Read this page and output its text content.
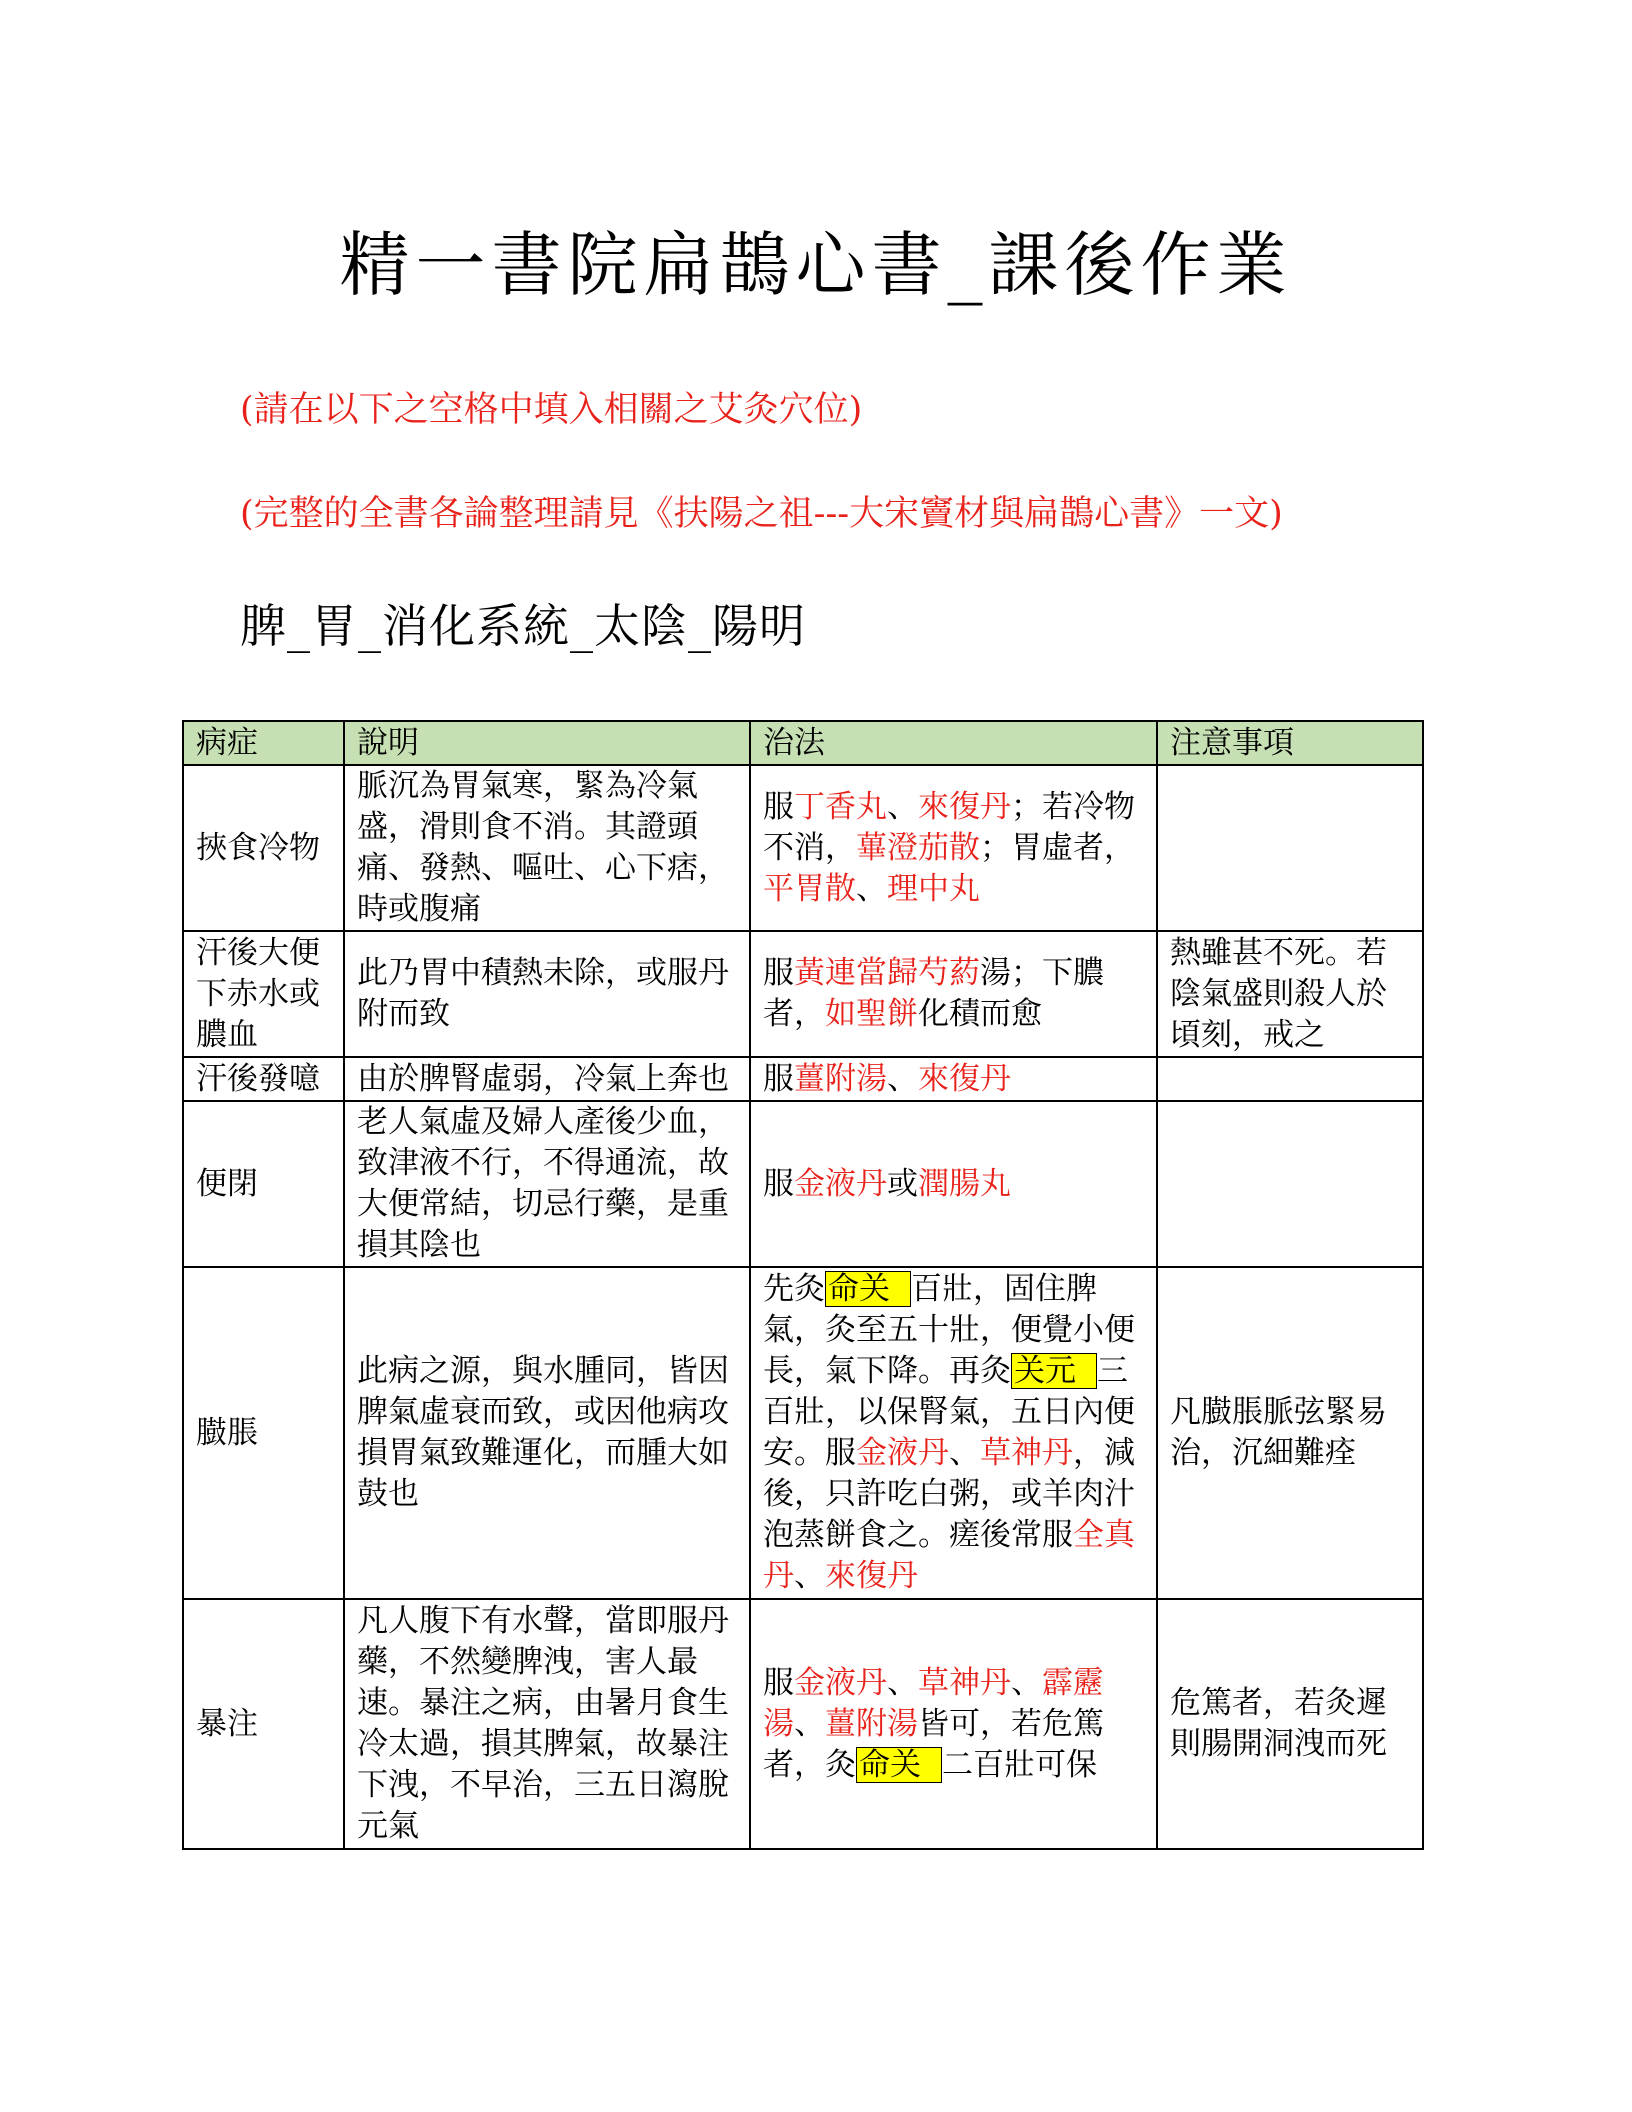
精一書院扁鵲心書_課後作業
(請在以下之空格中填入相關之艾灸穴位)
(完整的全書各論整理請見《扶陽之祖---大宋竇材與扁鵲心書》一文)
脾_胃_消化系統_太陰_陽明
病症	說明	治法	注意事項
挾食冷物	脈沉為胃氣寒，緊為冷氣盛，滑則食不消。其證頭痛、發熱、嘔吐、心下痞，時或腹痛	服丁香丸、來復丹；若冷物不消，蓽澄茄散；胃虛者，平胃散、理中丸	
汗後大便下赤水或膿血	此乃胃中積熱未除，或服丹附而致	服黃連當歸芍葯湯；下膿者，如聖餅化積而愈	熱雖甚不死。若陰氣盛則殺人於頃刻，戒之
汗後發噫	由於脾腎虛弱，冷氣上奔也	服薑附湯、來復丹	
便閉	老人氣虛及婦人產後少血，致津液不行，不得通流，故大便常結，切忌行藥，是重損其陰也	服金液丹或潤腸丸	
臌脹	此病之源，與水腫同，皆因脾氣虛衰而致，或因他病攻損胃氣致難運化，而腫大如鼓也	先灸命关 百壯，固住脾氣，灸至五十壯，便覺小便長，氣下降。再灸关元 三百壯，以保腎氣，五日內便安。服金液丹、草神丹，減後，只許吃白粥，或羊肉汁泡蒸餅食之。瘥後常服全真丹、來復丹	凡臌脹脈弦緊易治，沉細難痊
暴注	凡人腹下有水聲，當即服丹藥，不然變脾洩，害人最速。暴注之病，由暑月食生冷太過，損其脾氣，故暴注下洩，不早治，三五日瀉脫元氣	服金液丹、草神丹、霹靂湯、薑附湯皆可，若危篤者，灸命关 二百壯可保	危篤者，若灸遲則腸開洞洩而死
